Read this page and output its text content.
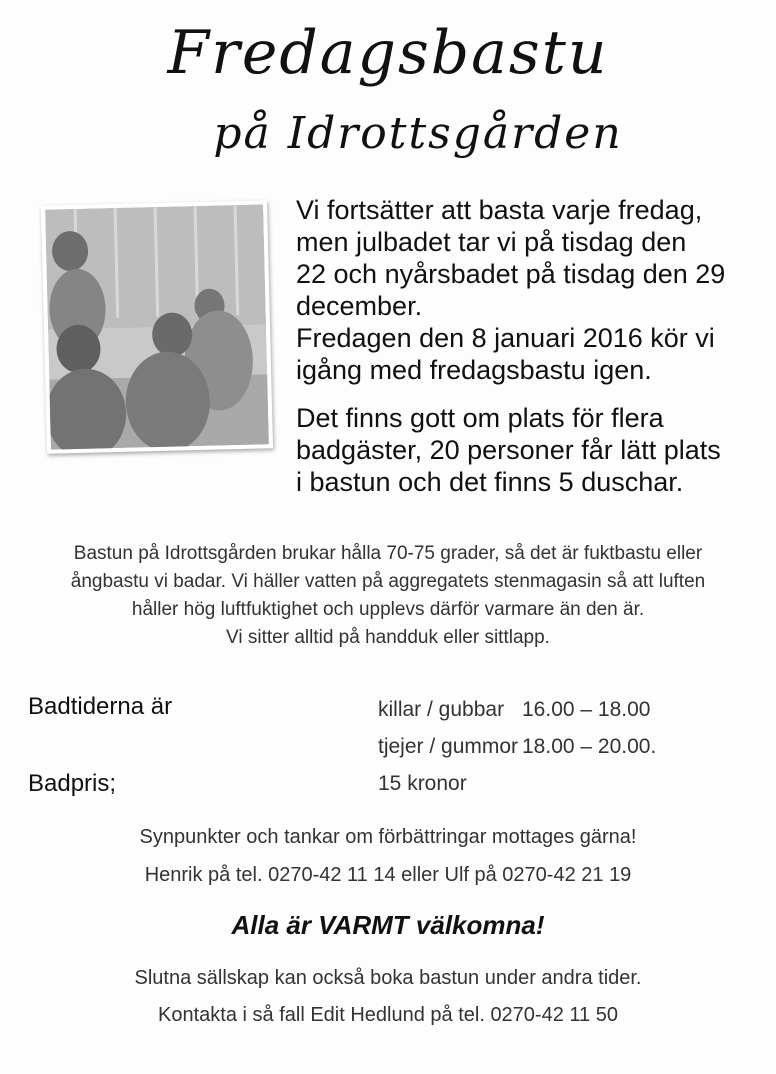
Fredagsbastu
på Idrottsgården

Vi fortsätter att basta varje fredag,
men julbadet tar vi på tisdag den
22 och nyårsbadet på tisdag den 29
december.
Fredagen den 8 januari 2016 kör vi
igång med fredagsbastu igen.

Det finns gott om plats för flera
badgäster, 20 personer får lätt plats
i bastun och det finns 5 duschar.

Bastun på Idrottsgården brukar hålla 70-75 grader, så det är fuktbastu eller
ångbastu vi badar. Vi häller vatten på aggregatets stenmagasin så att luften
håller hög luftfuktighet och upplevs därför varmare än den är.
Vi sitter alltid på handduk eller sittlapp.
Badtiderna är	killar / gubbar 16.00 – 18.00
tjejer / gummor 18.00 – 20.00.
Badpris;	15 kronor
Synpunkter och tankar om förbättringar mottages gärna!
Henrik på tel. 0270-42 11 14 eller Ulf på 0270-42 21 19
Alla är VARMT välkomna!
Slutna sällskap kan också boka bastun under andra tider.
Kontakta i så fall Edit Hedlund på tel. 0270-42 11 50
